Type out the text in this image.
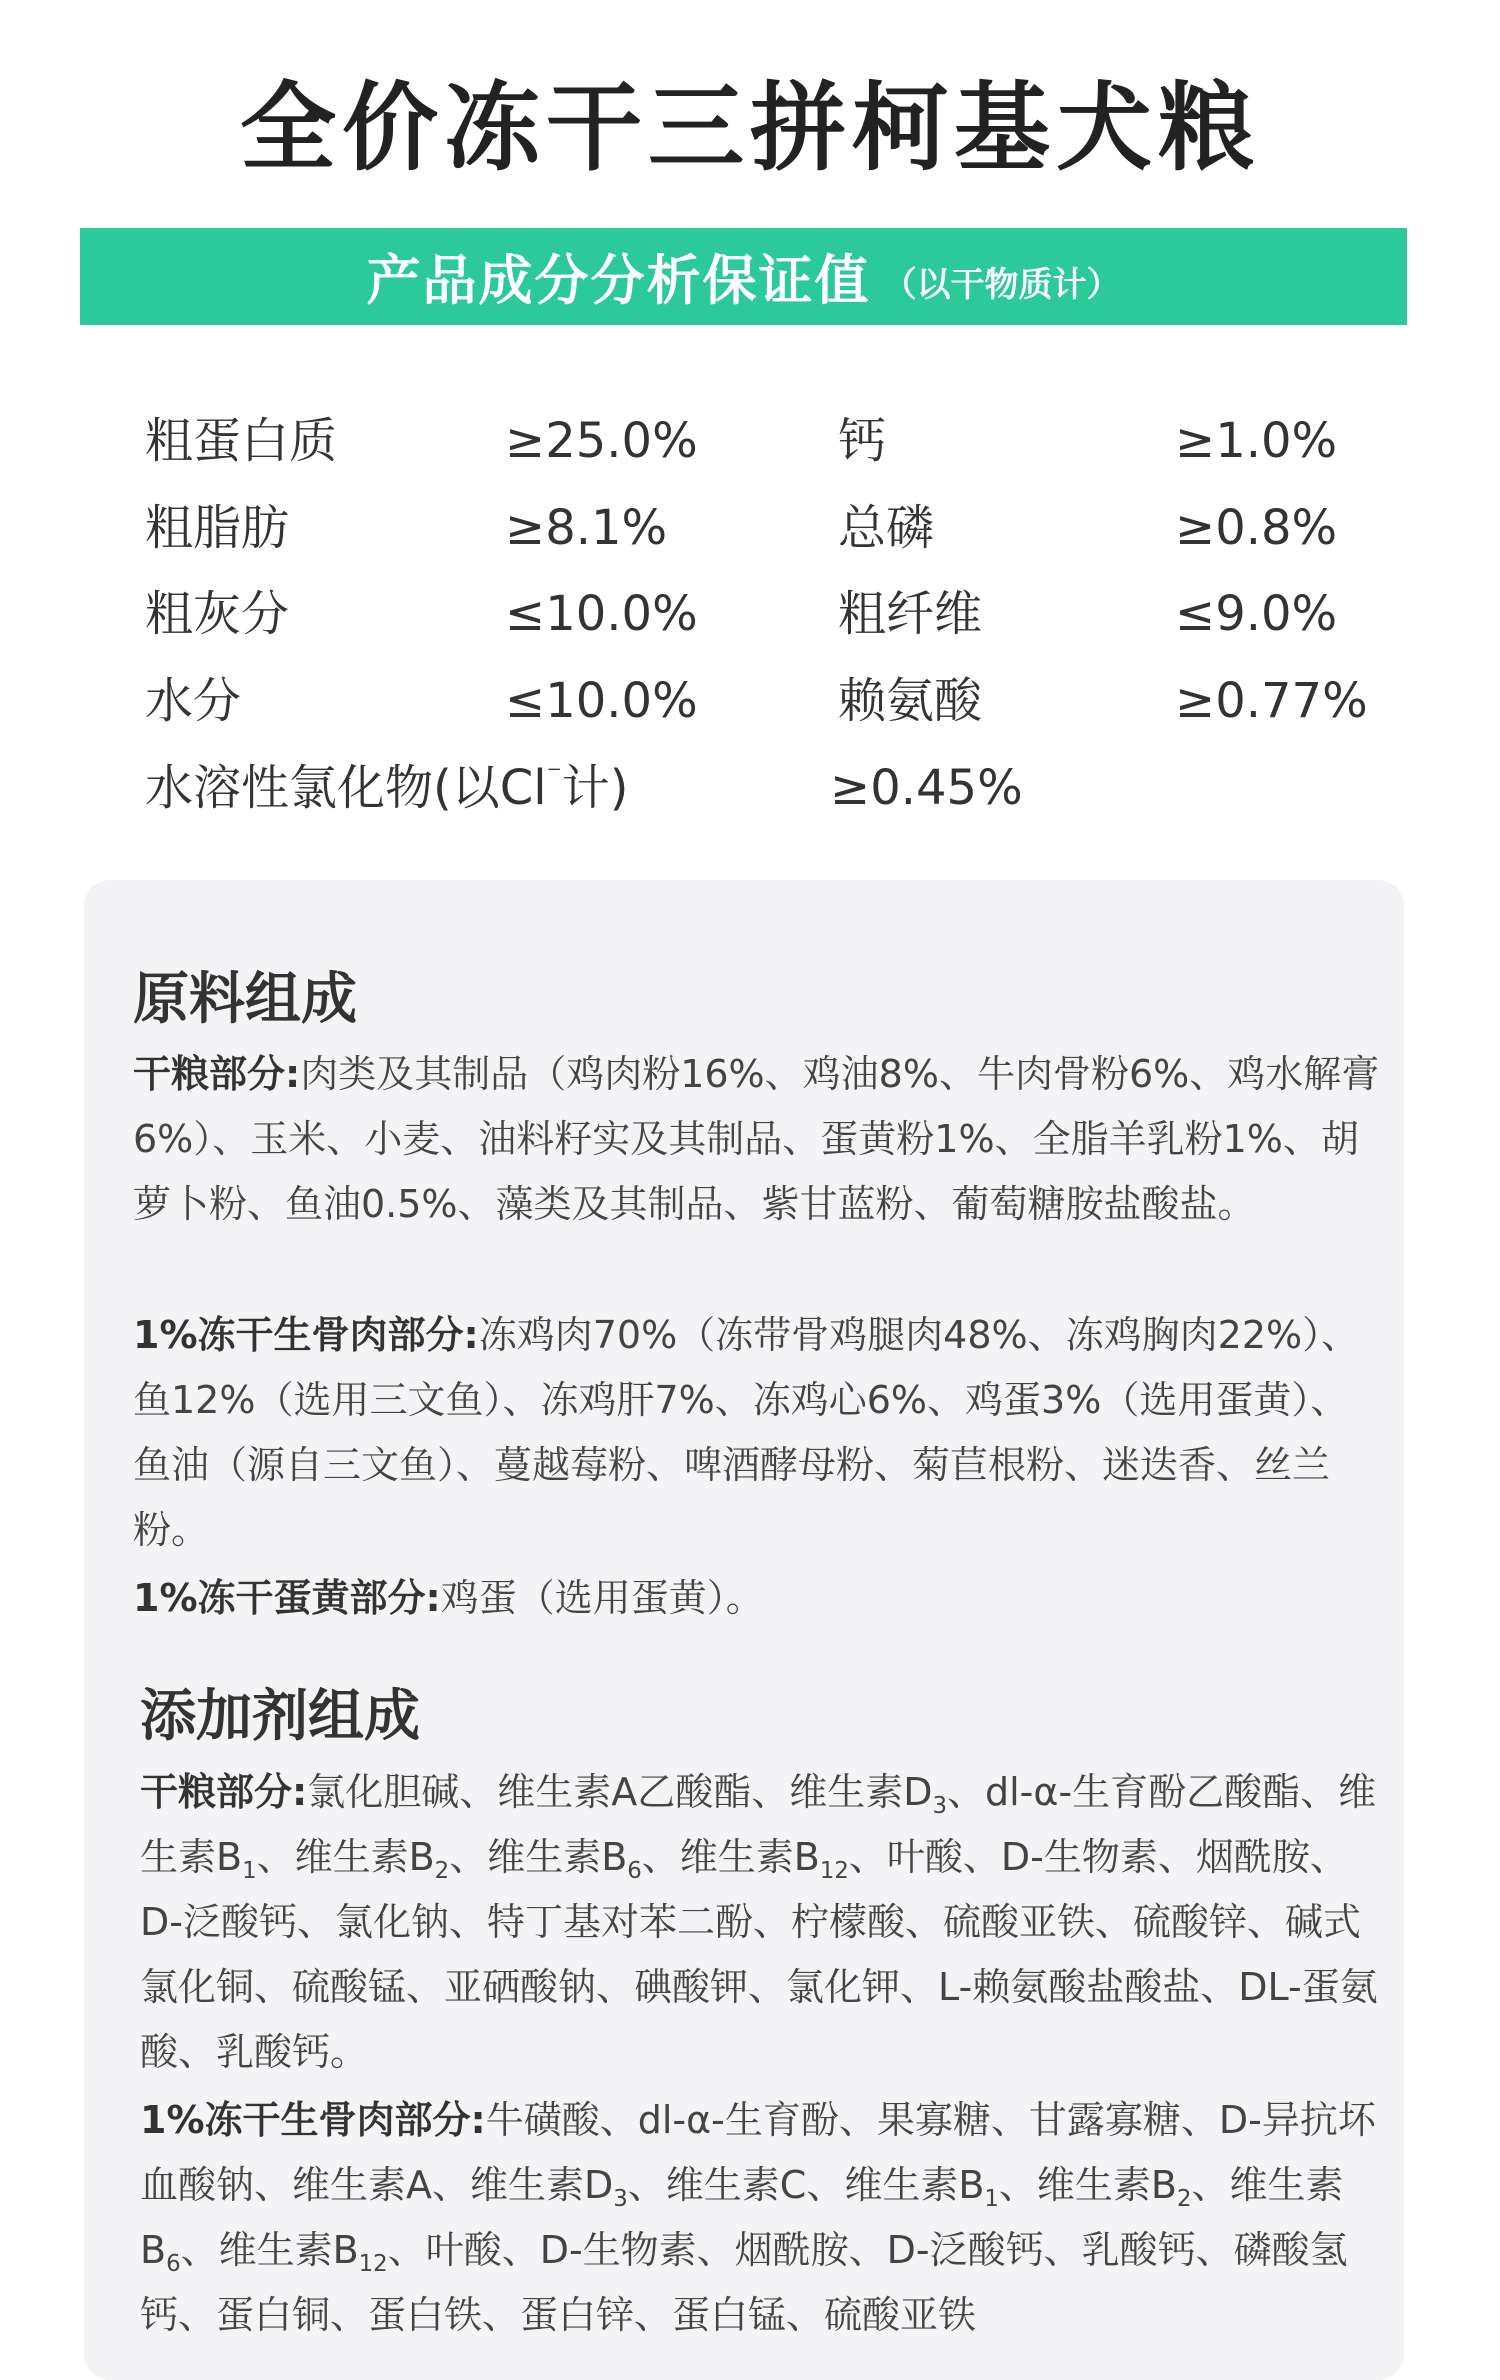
全价冻干三拼柯基犬粮
产品成分分析保证值 （以干物质计）
粗蛋白质	≥25.0%	钙	≥1.0%
粗脂肪	≥8.1%	总磷	≥0.8%
粗灰分	≤10.0%	粗纤维	≤9.0%
水分	≤10.0%	赖氨酸	≥0.77%
水溶性氯化物(以Cl⁻计)	≥0.45%
原料组成
干粮部分:肉类及其制品（鸡肉粉16%、鸡油8%、牛肉骨粉6%、鸡水解膏6%）、玉米、小麦、油料籽实及其制品、蛋黄粉1%、全脂羊乳粉1%、胡萝卜粉、鱼油0.5%、藻类及其制品、紫甘蓝粉、葡萄糖胺盐酸盐。
1%冻干生骨肉部分:冻鸡肉70%（冻带骨鸡腿肉48%、冻鸡胸肉22%）、鱼12%（选用三文鱼）、冻鸡肝7%、冻鸡心6%、鸡蛋3%（选用蛋黄）、鱼油（源自三文鱼）、蔓越莓粉、啤酒酵母粉、菊苣根粉、迷迭香、丝兰粉。
1%冻干蛋黄部分:鸡蛋（选用蛋黄）。
添加剂组成
干粮部分:氯化胆碱、维生素A乙酸酯、维生素$D_3$、dl-α-生育酚乙酸酯、维生素$B_1$、维生素$B_2$、维生素$B_6$、维生素$B_{12}$、叶酸、D-生物素、烟酰胺、D-泛酸钙、氯化钠、特丁基对苯二酚、柠檬酸、硫酸亚铁、硫酸锌、碱式氯化铜、硫酸锰、亚硒酸钠、碘酸钾、氯化钾、L-赖氨酸盐酸盐、DL-蛋氨酸、乳酸钙。
1%冻干生骨肉部分:牛磺酸、dl-α-生育酚、果寡糖、甘露寡糖、D-异抗坏血酸钠、维生素A、维生素$D_3$、维生素C、维生素$B_1$、维生素$B_2$、维生素$B_6$、维生素$B_{12}$、叶酸、D-生物素、烟酰胺、D-泛酸钙、乳酸钙、磷酸氢钙、蛋白铜、蛋白铁、蛋白锌、蛋白锰、硫酸亚铁
